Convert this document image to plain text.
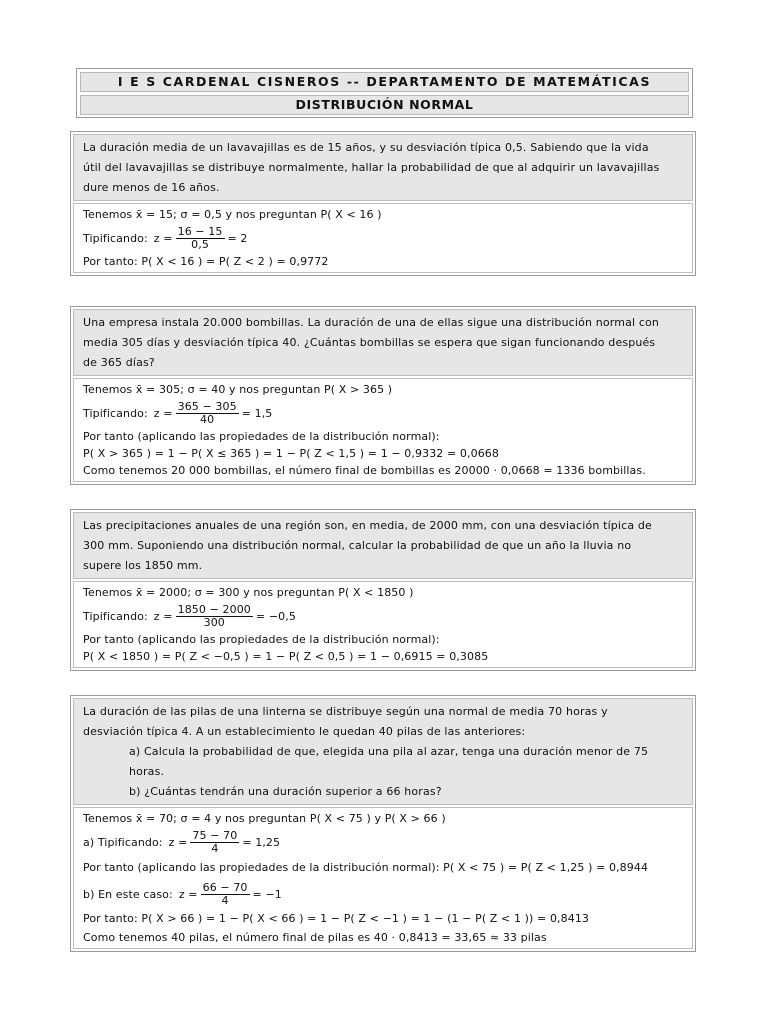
I E S CARDENAL CISNEROS -- DEPARTAMENTO DE MATEMÁTICAS
DISTRIBUCIÓN NORMAL
La duración media de un lavavajillas es de 15 años, y su desviación típica 0,5. Sabiendo que la vida
útil del lavavajillas se distribuye normalmente, hallar la probabilidad de que al adquirir un lavavajillas
dure menos de 16 años.
Tenemos x̄ = 15; σ = 0,5 y nos preguntan P( X < 16 )
Tipificando: $z = \frac{16 - 15}{0,5} = 2$
Por tanto: P( X < 16 ) = P( Z < 2 ) = 0,9772
Una empresa instala 20.000 bombillas. La duración de una de ellas sigue una distribución normal con
media 305 días y desviación típica 40. ¿Cuántas bombillas se espera que sigan funcionando después
de 365 días?
Tenemos x̄ = 305; σ = 40 y nos preguntan P( X > 365 )
Tipificando: $z = \frac{365 - 305}{40} = 1,5$
Por tanto (aplicando las propiedades de la distribución normal):
P( X > 365 ) = 1 − P( X ≤ 365 ) = 1 − P( Z < 1,5 ) = 1 − 0,9332 = 0,0668
Como tenemos 20 000 bombillas, el número final de bombillas es 20000 · 0,0668 = 1336 bombillas.
Las precipitaciones anuales de una región son, en media, de 2000 mm, con una desviación típica de
300 mm. Suponiendo una distribución normal, calcular la probabilidad de que un año la lluvia no
supere los 1850 mm.
Tenemos x̄ = 2000; σ = 300 y nos preguntan P( X < 1850 )
Tipificando: $z = \frac{1850 - 2000}{300} = -0,5$
Por tanto (aplicando las propiedades de la distribución normal):
P( X < 1850 ) = P( Z < −0,5 ) = 1 − P( Z < 0,5 ) = 1 − 0,6915 = 0,3085
La duración de las pilas de una linterna se distribuye según una normal de media 70 horas y
desviación típica 4. A un establecimiento le quedan 40 pilas de las anteriores:
a) Calcula la probabilidad de que, elegida una pila al azar, tenga una duración menor de 75
horas.
b) ¿Cuántas tendrán una duración superior a 66 horas?
Tenemos x̄ = 70; σ = 4 y nos preguntan P( X < 75 ) y P( X > 66 )
a) Tipificando: $z = \frac{75 - 70}{4} = 1,25$
Por tanto (aplicando las propiedades de la distribución normal): P( X < 75 ) = P( Z < 1,25 ) = 0,8944
b) En este caso: $z = \frac{66 - 70}{4} = -1$
Por tanto: P( X > 66 ) = 1 − P( X < 66 ) = 1 − P( Z < −1 ) = 1 − (1 − P( Z < 1 )) = 0,8413
Como tenemos 40 pilas, el número final de pilas es 40 · 0,8413 = 33,65 ≈ 33 pilas
